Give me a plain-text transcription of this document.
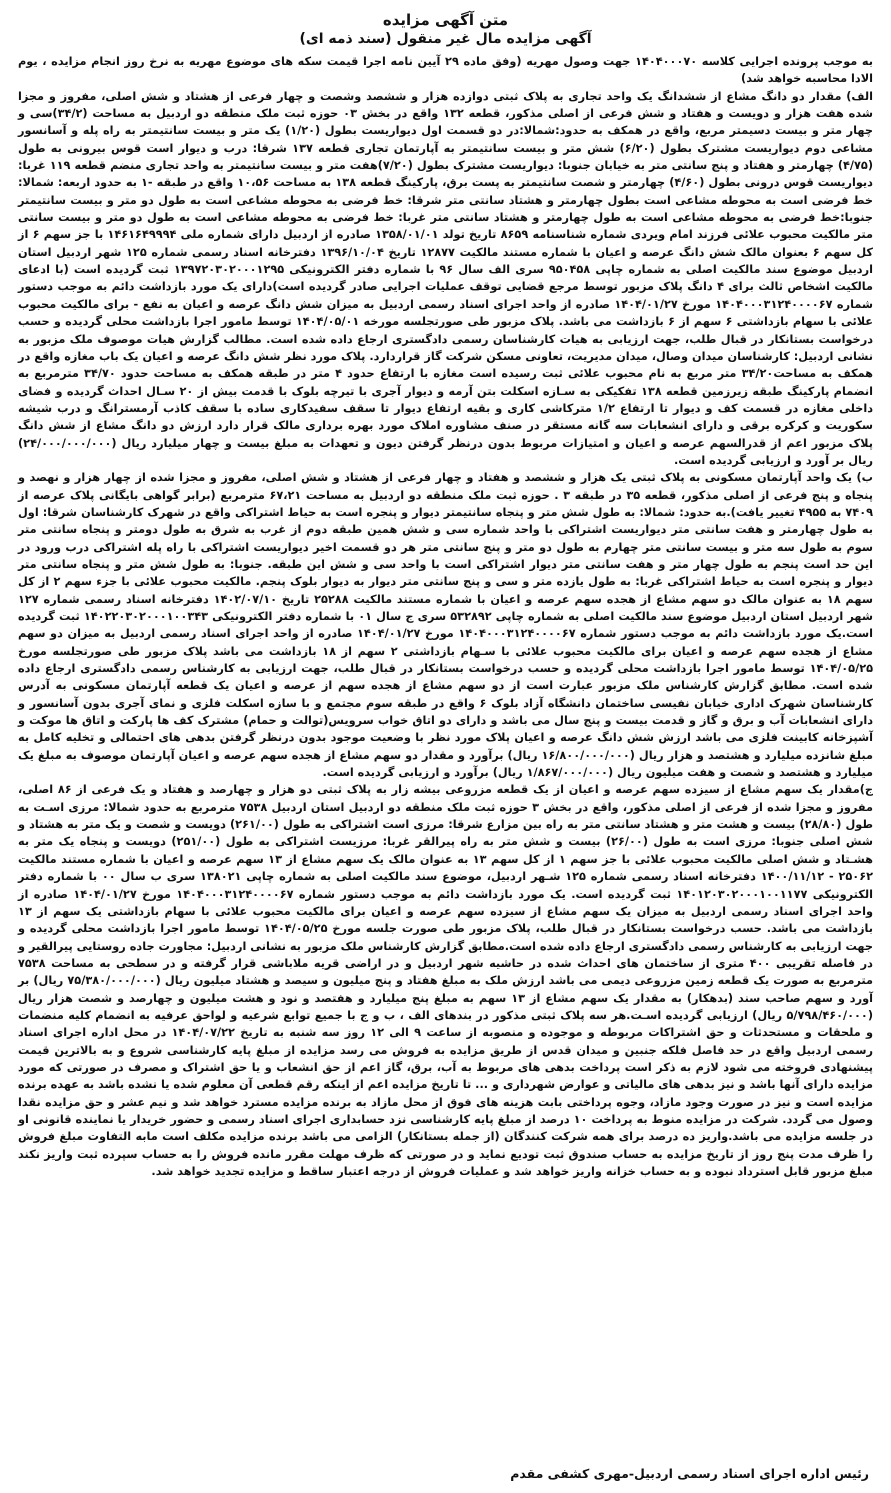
متن آگهی مزایده

آگهی مزایده مال غیر منقول (سند ذمه ای)

به موجب پرونده اجرایی کلاسه ۱۴۰۴۰۰۰۷۰ جهت وصول مهریه (وفق ماده ۲۹ آیین نامه اجرا قیمت سکه های موضوع مهریه به نرخ روز انجام مزایده ، یوم الادا محاسبه خواهد شد)

الف) مقدار دو دانگ مشاع از ششدانگ یک واحد تجاری به پلاک ثبتی دوازده هزار و ششصد وشصت و چهار فرعی از هشتاد و شش اصلی، مفروز و مجزا شده هفت هزار و دویست و هفتاد و شش فرعی از اصلی مذکور، قطعه ۱۳۲ واقع در بخش ۰۳ حوزه ثبت ملک منطقه دو اردبیل به مساحت (۳۴/۲)سی و چهار متر و بیست دسیمتر مربع، واقع در همکف به حدود:شمالا:در دو قسمت اول دیواریست بطول (۱/۲۰) یک متر و بیست سانتیمتر به راه پله و آسانسور مشاعی دوم دیواریست مشترک بطول (۶/۲۰) شش متر و بیست سانتیمتر به آپارتمان تجاری قطعه ۱۳۷ شرقا: درب و دیوار است قوس بیرونی به طول (۴/۷۵) چهارمتر و هفتاد و پنج سانتی متر به خیابان جنوبا: دیواریست مشترک بطول (۷/۲۰)هفت متر و بیست سانتیمتر به واحد تجاری منضم قطعه ۱۱۹ غربا: دیواریست قوس درونی بطول (۴/۶۰) چهارمتر و شصت سانتیمتر به پست برق، پارکینگ قطعه ۱۳۸ به مساحت ۱۰،۵۶ واقع در طبقه -۱ به حدود اربعه: شمالا: خط فرضی است به محوطه مشاعی است بطول چهارمتر و هشتاد سانتی متر شرقا: خط فرضی به محوطه مشاعی است به طول دو متر و بیست سانتیمتر جنوبا:خط فرضی به محوطه مشاعی است به طول چهارمتر و هشتاد سانتی متر غربا: خط فرضی به محوطه مشاعی است به طول دو متر و بیست سانتی متر مالکیت محبوب علائی فرزند امام ویردی شماره شناسنامه ۸۶۵۹ تاریخ تولد ۱۳۵۸/۰۱/۰۱ صادره از اردبیل دارای شماره ملی ۱۴۶۱۶۴۹۹۹۴ با جز سهم ۶ از کل سهم ۶ بعنوان مالک شش دانگ عرصه و اعیان با شماره مستند مالکیت ۱۲۸۷۷ تاریخ ۱۳۹۶/۱۰/۰۴ دفترخانه اسناد رسمی شماره ۱۲۵ شهر اردبیل استان اردبیل موضوع سند مالکیت اصلی به شماره چاپی ۹۵۰۴۵۸ سری الف سال ۹۶ با شماره دفتر الکترونیکی ۱۳۹۷۲۰۳۰۲۰۰۰۱۲۹۵ ثبت گردیده است (با ادعای مالکیت اشخاص ثالث برای ۴ دانگ پلاک مزبور توسط مرجع قضایی توقف عملیات اجرایی صادر گردیده است)دارای یک مورد بازداشت دائم به موجب دستور شماره ۱۴۰۴۰۰۰۳۱۲۴۰۰۰۰۶۷ مورخ ۱۴۰۴/۰۱/۲۷ صادره از واحد اجرای اسناد رسمی اردبیل به میزان شش دانگ عرصه و اعیان به نفع - برای مالکیت محبوب علائی با سهام بازداشتی ۶ سهم از ۶ بازداشت می باشد. پلاک مزبور طی صورتجلسه مورخه ۱۴۰۴/۰۵/۰۱ توسط مامور اجرا بازداشت محلی گردیده و حسب درخواست بستانکار در قبال طلب، جهت ارزیابی به هیات کارشناسان رسمی دادگستری ارجاع داده شده است. مطالب گزارش هیات موصوف ملک مزبور به نشانی اردبیل: کارشناسان میدان وصال، میدان مدیریت، تعاونی مسکن شرکت گاز قراردارد. پلاک مورد نظر شش دانگ عرصه و اعیان یک باب مغازه واقع در همکف به مساحت۳۴/۲۰ متر مربع به نام محبوب علائی ثبت رسیده است مغازه با ارتفاع حدود ۴ متر در طبقه همکف به مساحت حدود ۳۴/۷۰ مترمربع به انضمام پارکینگ طبقه زیرزمین قطعه ۱۳۸ تفکیکی به سـازه اسکلت بتن آرمه و دیوار آجری با تیرچه بلوک با قدمت بیش از ۲۰ سـال احداث گردیده و فضای داخلی مغازه در قسمت کف و دیوار تا ارتفاع ۱/۲ مترکاشی کاری و بقیه ارتفاع دیوار تا سقف سفیدکاری ساده با سقف کاذب آرمسترانگ و درب شیشه سکوریت و کرکره برقی و دارای انشعابات سه گانه مستقر در صنف مشاوره املاک مورد بهره برداری مالک قرار دارد ارزش دو دانگ مشاع از شش دانگ پلاک مزبور اعم از قدرالسهم عرصه و اعیان و امتیازات مربوط بدون درنظر گرفتن دیون و تعهدات به مبلغ بیست و چهار میلیارد ریال (۲۴/۰۰۰/۰۰۰/۰۰۰) ریال بر آورد و ارزیابی گردیده است.

ب) یک واحد آپارتمان مسکونی به پلاک ثبتی یک هزار و ششصد و هفتاد و چهار فرعی از هشتاد و شش اصلی، مفروز و مجزا شده از چهار هزار و نهصد و پنجاه و پنج فرعی از اصلی مذکور، قطعه ۳۵ در طبقه ۳ . حوزه ثبت ملک منطقه دو اردبیل به مساحت ۶۷،۲۱ مترمربع (برابر گواهی بایگانی پلاک عرصه از ۷۴۰۹ به ۴۹۵۵ تغییر یافت).به حدود: شمالا: به طول شش متر و پنجاه سانتیمتر دیوار و پنجره است به حیاط اشتراکی واقع در شهرک کارشناسان شرقا: اول به طول چهارمتر و هفت سانتی متر دیواریست اشتراکی با واحد شماره سی و شش همین طبقه دوم از غرب به شرق به طول دومتر و پنجاه سانتی متر سوم به طول سه متر و بیست سانتی متر چهارم به طول دو متر و پنج سانتی متر هر دو قسمت اخیر دیواریست اشتراکی با راه پله اشتراکی درب ورود در این حد است پنجم به طول چهار متر و هفت سانتی متر دیوار اشتراکی است با واحد سی و شش این طبقه. جنوبا: به طول شش متر و پنجاه سانتی متر دیوار و پنجره است به حیاط اشتراکی غربا: به طول یازده متر و سی و پنج سانتی متر دیوار به دیوار بلوک پنجم. مالکیت محبوب علائی با جزء سهم ۲ از کل سهم ۱۸ به عنوان مالک دو سهم مشاع از هجده سهم عرصه و اعیان با شماره مستند مالکیت ۲۵۲۸۸ تاریخ ۱۴۰۲/۰۷/۱۰ دفترخانه اسناد رسمی شماره ۱۲۷ شهر اردبیل استان اردبیل موضوع سند مالکیت اصلی به شماره چاپی ۵۳۲۸۹۲ سری ج سال ۰۱ با شماره دفتر الکترونیکی ۱۴۰۲۲۰۳۰۲۰۰۰۱۰۰۳۴۳ ثبت گردیده است.یک مورد بازداشت دائم به موجب دستور شماره ۱۴۰۴۰۰۰۳۱۲۴۰۰۰۰۶۷ مورخ ۱۴۰۴/۰۱/۲۷ صادره از واحد اجرای اسناد رسمی اردبیل به میزان دو سهم مشاع از هجده سهم عرصه و اعیان برای مالکیت محبوب علائی با سـهام بازداشتی ۲ سهم از ۱۸ بازداشت می باشد پلاک مزبور طی صورتجلسه مورخ ۱۴۰۴/۰۵/۲۵ توسط مامور اجرا بازداشت محلی گردیده و حسب درخواست بستانکار در قبال طلب، جهت ارزیابی به کارشناس رسمی دادگستری ارجاع داده شده است. مطابق گزارش کارشناس ملک مزبور عبارت است از دو سهم مشاع از هجده سهم از عرصه و اعیان یک قطعه آپارتمان مسکونی به آدرس کارشناسان شهرک اداری خیابان نفیسی ساختمان دانشگاه آزاد بلوک ۶ واقع در طبقه سوم مجتمع و با سازه اسکلت فلزی و نمای آجری بدون آسانسور و دارای انشعابات آب و برق و گاز و قدمت بیست و پنج سال می باشد و دارای دو اتاق خواب سرویس(توالت و حمام) مشترک کف ها پارکت و اتاق ها موکت و آشپزخانه کابینت فلزی می باشد ارزش شش دانگ عرصه و اعیان پلاک مورد نظر با وضعیت موجود بدون درنظر گرفتن بدهی های احتمالی و تخلیه کامل به مبلغ شانزده میلیارد و هشتصد و هزار ریال (۱۶/۸۰۰/۰۰۰/۰۰۰ ریال) برآورد و مقدار دو سهم مشاع از هجده سهم عرصه و اعیان آپارتمان موصوف به مبلغ یک میلیارد و هشتصد و شصت و هفت میلیون ریال (۱/۸۶۷/۰۰۰/۰۰۰ ریال) برآورد و ارزیابی گردیده است.

ج)مقدار یک سهم مشاع از سیزده سهم عرصه و اعیان از یک قطعه مزروعی بیشه زار به پلاک ثبتی دو هزار و چهارصد و هفتاد و یک فرعی از ۸۶ اصلی، مفروز و مجزا شده از فرعی از اصلی مذکور، واقع در بخش ۳ حوزه ثبت ملک منطقه دو اردبیل استان اردبیل ۷۵۳۸ مترمربع به حدود شمالا: مرزی اسـت به طول (۲۸/۸۰) بیست و هشت متر و هشتاد سانتی متر به راه بین مزارع شرقا: مرزی است اشتراکی به طول (۲۶۱/۰۰) دویست و شصت و یک متر به هشتاد و شش اصلی جنوبا: مرزی است به طول (۲۶/۰۰) بیست و شش متر به راه پیرالقر غربا: مرزیست اشتراکی به طول (۲۵۱/۰۰) دویست و پنجاه یک متر به هشـتاد و شش اصلی مالکیت محبوب علائی با جز سهم ۱ از کل سهم ۱۳ به عنوان مالک یک سهم مشاع از ۱۳ سهم عرصه و اعیان با شماره مستند مالکیت ۲۵۰۶۲ - ۱۴۰۰/۱۱/۱۲ دفترخانه اسناد رسمی شماره ۱۲۵ شـهر اردبیل، موضوع سند مالکیت اصلی به شماره چاپی ۱۳۸۰۲۱ سری ب سال ۰۰ با شماره دفتر الکترونیکی ۱۴۰۱۲۰۳۰۲۰۰۰۱۰۰۱۱۷۷ ثبت گردیده است. یک مورد بازداشت دائم به موجب دستور شماره ۱۴۰۴۰۰۰۳۱۲۴۰۰۰۰۶۷ مورخ ۱۴۰۴/۰۱/۲۷ صادره از واحد اجرای اسناد رسمی اردبیل به میزان یک سهم مشاع از سیزده سهم عرصه و اعیان برای مالکیت محبوب علائی با سهام بازداشتی یک سهم از ۱۳ بازداشت می باشد. حسب درخواست بستانکار در قبال طلب، پلاک مزبور طی صورت جلسه مورخ ۱۴۰۴/۰۵/۲۵ توسط مامور اجرا بازداشت محلی گردیده و جهت ارزیابی به کارشناس رسمی دادگستری ارجاع داده شده است.مطابق گزارش کارشناس ملک مزبور به نشانی اردبیل: مجاورت جاده روستایی پیرالقیر و در فاصله تقریبی ۴۰۰ متری از ساختمان های احداث شده در حاشیه شهر اردبیل و در اراضی قریه ملاباشی قرار گرفته و در سطحی به مساحت ۷۵۳۸ مترمربع به صورت یک قطعه زمین مزروعی دیمی می باشد ارزش ملک به مبلغ هفتاد و پنج میلیون و سیصد و هشتاد میلیون ریال (۷۵/۳۸۰/۰۰۰/۰۰۰ ریال) بر آورد و سهم صاحب سند (بدهکار) به مقدار یک سهم مشاع از ۱۳ سهم به مبلغ پنج میلیارد و هفتصد و نود و هشت میلیون و چهارصد و شصت هزار ریال (۵/۷۹۸/۴۶۰/۰۰۰ ریال) ارزیابی گردیده اسـت.هر سه پلاک ثبتی مذکور در بندهای الف ، ب و ج با جمیع توابع شرعیه و لواحق عرفیه به انضمام کلیه منضمات و ملحقات و مستحدثات و حق اشتراکات مربوطه و موجوده و منصوبه از ساعت ۹ الی ۱۲ روز سه شنبه به تاریخ ۱۴۰۴/۰۷/۲۲ در محل اداره اجرای اسناد رسمی اردبیل واقع در حد فاصل فلکه جنبین و میدان قدس از طریق مزایده به فروش می رسد مزایده از مبلغ پایه کارشناسی شروع و به بالاترین قیمت پیشنهادی فروخته می شود لازم به ذکر است پرداخت بدهی های مربوط به آب، برق، گاز اعم از حق انشعاب و یا حق اشتراک و مصرف در صورتی که مورد مزایده دارای آنها باشد و نیز بدهی های مالیاتی و عوارض شهرداری و ... تا تاریخ مزایده اعم از اینکه رقم قطعی آن معلوم شده یا نشده باشد به عهده برنده مزایده است و نیز در صورت وجود مازاد، وجوه پرداختی بابت هزینه های فوق از محل مازاد به برنده مزایده مسترد خواهد شد و نیم عشر و حق مزایده نقدا وصول می گردد. شرکت در مزایده منوط به پرداخت ۱۰ درصد از مبلغ پایه کارشناسی نزد حسابداری اجرای اسناد رسمی و حضور خریدار یا نماینده قانونی او در جلسه مزایده می باشد.واریز ده درصد برای همه شرکت کنندگان (از جمله بستانکار) الزامی می باشد برنده مزایده مکلف است مابه التفاوت مبلغ فروش را ظرف مدت پنج روز از تاریخ مزایده به حساب صندوق ثبت تودیع نماید و در صورتی که ظرف مهلت مقرر مانده فروش را به حساب سپرده ثبت واریز نکند مبلغ مزبور قابل استرداد نبوده و به حساب خزانه واریز خواهد شد و عملیات فروش از درجه اعتبار ساقط و مزایده تجدید خواهد شد.

رئیس اداره اجرای اسناد رسمی اردبیل-مهری کشفی مقدم
